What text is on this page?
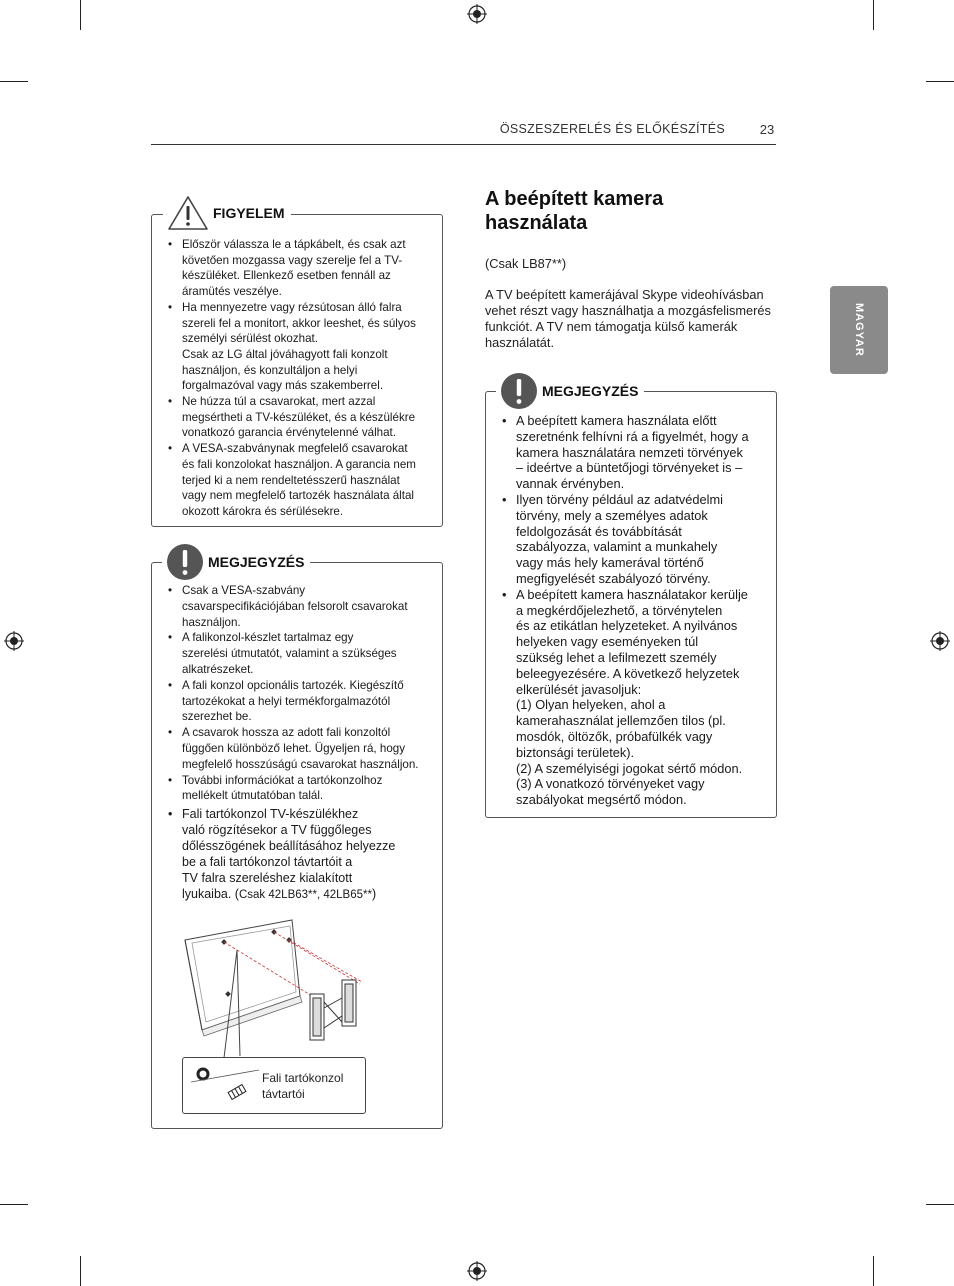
ÖSSZESZERELÉS ÉS ELŐKÉSZÍTÉS	23
MAGYAR
• Először válassza le a tápkábelt, és csak azt
követően mozgassa vagy szerelje fel a TV-
készüléket. Ellenkező esetben fennáll az
áramütés veszélye.
• Ha mennyezetre vagy rézsútosan álló falra
szereli fel a monitort, akkor leeshet, és súlyos
személyi sérülést okozhat.
Csak az LG által jóváhagyott fali konzolt
használjon, és konzultáljon a helyi
forgalmazóval vagy más szakemberrel.
• Ne húzza túl a csavarokat, mert azzal
megsértheti a TV-készüléket, és a készülékre
vonatkozó garancia érvénytelenné válhat.
• A VESA-szabványnak megfelelő csavarokat
és fali konzolokat használjon. A garancia nem
terjed ki a nem rendeltetésszerű használat
vagy nem megfelelő tartozék használata által
okozott károkra és sérülésekre.
FIGYELEM
• Csak a VESA-szabvány
csavarspecifikációjában felsorolt csavarokat
használjon.
• A falikonzol-készlet tartalmaz egy
szerelési útmutatót, valamint a szükséges
alkatrészeket.
• A fali konzol opcionális tartozék. Kiegészítő
tartozékokat a helyi termékforgalmazótól
szerezhet be.
• A csavarok hossza az adott fali konzoltól
függően különböző lehet. Ügyeljen rá, hogy
megfelelő hosszúságú csavarokat használjon.
• További információkat a tartókonzolhoz
mellékelt útmutatóban talál.
• Fali tartókonzol TV-készülékhez
való rögzítésekor a TV függőleges
dőlésszögének beállításához helyezze
be a fali tartókonzol távtartóit a
TV falra szereléshez kialakított
lyukaiba. (Csak 42LB63**, 42LB65**)
MEGJEGYZÉS
Fali tartókonzol
távtartói
A beépített kamera
használata
(Csak LB87**)
A TV beépített kamerájával Skype videohívásban
vehet részt vagy használhatja a mozgásfelismerés
funkciót. A TV nem támogatja külső kamerák
használatát.
• A beépített kamera használata előtt
szeretnénk felhívni rá a figyelmét, hogy a
kamera használatára nemzeti törvények
– ideértve a büntetőjogi törvényeket is –
vannak érvényben.
• Ilyen törvény például az adatvédelmi
törvény, mely a személyes adatok
feldolgozását és továbbítását
szabályozza, valamint a munkahely
vagy más hely kamerával történő
megfigyelését szabályozó törvény.
• A beépített kamera használatakor kerülje
a megkérdőjelezhető, a törvénytelen
és az etikátlan helyzeteket. A nyilvános
helyeken vagy eseményeken túl
szükség lehet a lefilmezett személy
beleegyezésére. A következő helyzetek
elkerülését javasoljuk:
(1) Olyan helyeken, ahol a
kamerahasználat jellemzően tilos (pl.
mosdók, öltözők, próbafülkék vagy
biztonsági területek).
(2) A személyiségi jogokat sértő módon.
(3) A vonatkozó törvényeket vagy
szabályokat megsértő módon.
MEGJEGYZÉS
